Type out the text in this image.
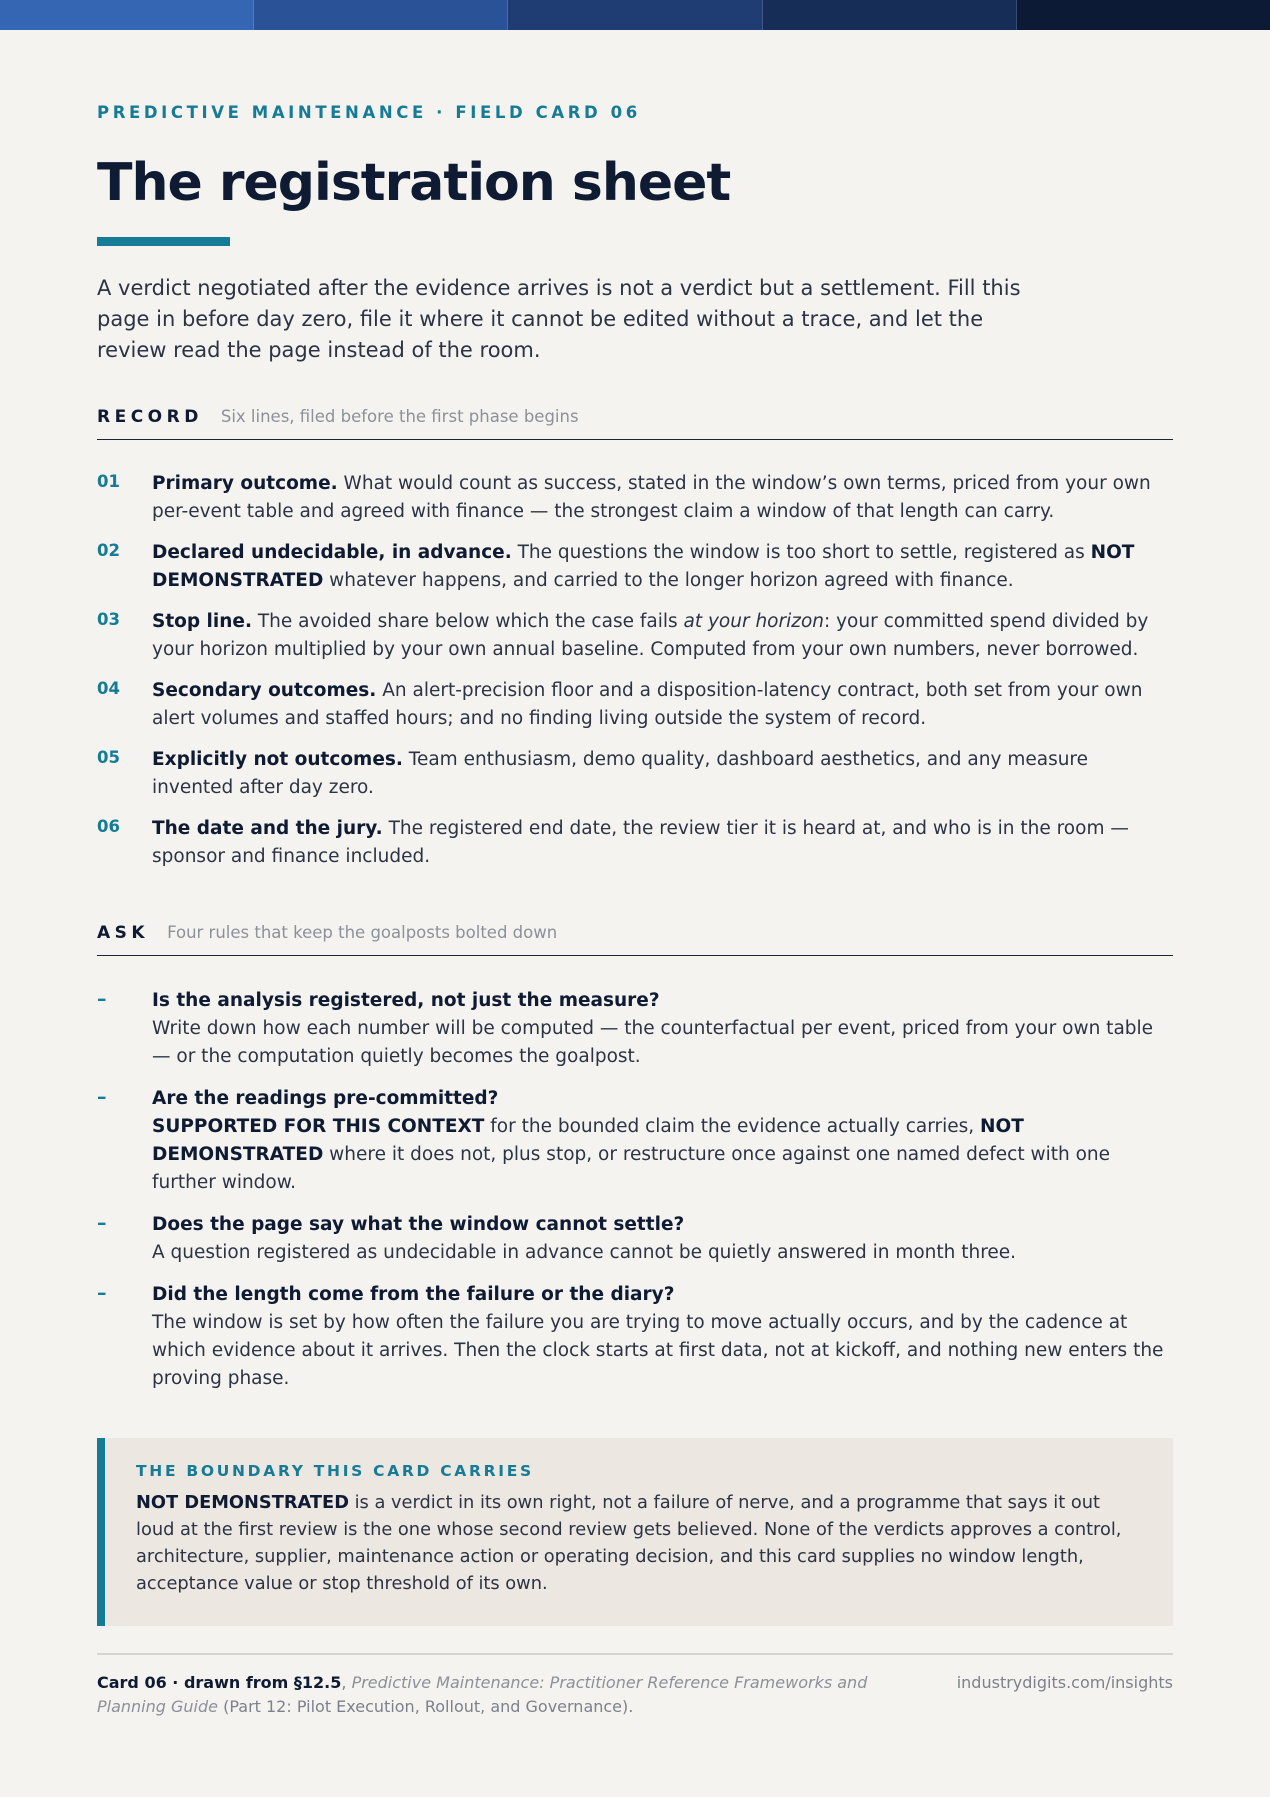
PREDICTIVE MAINTENANCE · FIELD CARD 06
The registration sheet

A verdict negotiated after the evidence arrives is not a verdict but a settlement. Fill this page in before day zero, file it where it cannot be edited without a trace, and let the review read the page instead of the room.

RECORD Six lines, filed before the first phase begins
01	Primary outcome. What would count as success, stated in the window’s own terms, priced from your own per-event table and agreed with finance — the strongest claim a window of that length can carry.
02	Declared undecidable, in advance. The questions the window is too short to settle, registered as NOT DEMONSTRATED whatever happens, and carried to the longer horizon agreed with finance.
03	Stop line. The avoided share below which the case fails at your horizon: your committed spend divided by your horizon multiplied by your own annual baseline. Computed from your own numbers, never borrowed.
04	Secondary outcomes. An alert-precision floor and a disposition-latency contract, both set from your own alert volumes and staffed hours; and no finding living outside the system of record.
05	Explicitly not outcomes. Team enthusiasm, demo quality, dashboard aesthetics, and any measure invented after day zero.
06	The date and the jury. The registered end date, the review tier it is heard at, and who is in the room — sponsor and finance included.
ASK Four rules that keep the goalposts bolted down
–	Is the analysis registered, not just the measure?
Write down how each number will be computed — the counterfactual per event, priced from your own table — or the computation quietly becomes the goalpost.
–	Are the readings pre-committed?
SUPPORTED FOR THIS CONTEXT for the bounded claim the evidence actually carries, NOT DEMONSTRATED where it does not, plus stop, or restructure once against one named defect with one further window.
–	Does the page say what the window cannot settle?
A question registered as undecidable in advance cannot be quietly answered in month three.
–	Did the length come from the failure or the diary?
The window is set by how often the failure you are trying to move actually occurs, and by the cadence at which evidence about it arrives. Then the clock starts at first data, not at kickoff, and nothing new enters the proving phase.
THE BOUNDARY THIS CARD CARRIES

NOT DEMONSTRATED is a verdict in its own right, not a failure of nerve, and a programme that says it out loud at the first review is the one whose second review gets believed. None of the verdicts approves a control, architecture, supplier, maintenance action or operating decision, and this card supplies no window length, acceptance value or stop threshold of its own.

Card 06 · drawn from §12.5, Predictive Maintenance: Practitioner Reference Frameworks and Planning Guide (Part 12: Pilot Execution, Rollout, and Governance).
industrydigits.com/insights
